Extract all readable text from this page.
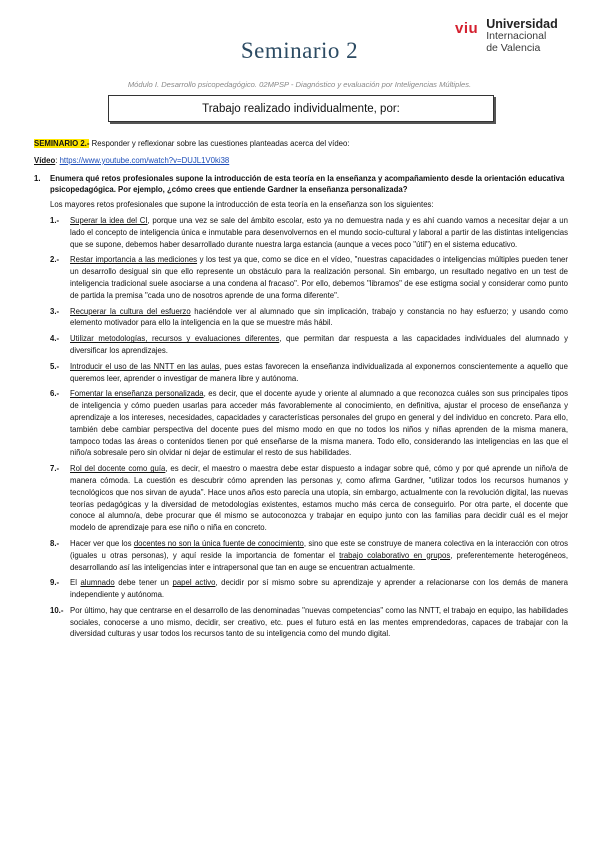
viu Universidad
Internacional
de Valencia
Seminario 2
Módulo I. Desarrollo psicopedagógico. 02MPSP - Diagnóstico y evaluación por Inteligencias Múltiples.
Trabajo realizado individualmente, por:

SEMINARIO 2.- Responder y reflexionar sobre las cuestiones planteadas acerca del vídeo:

Vídeo: https://www.youtube.com/watch?v=DUJL1V0ki38

1.	Enumera qué retos profesionales supone la introducción de esta teoría en la enseñanza y acompañamiento desde la orientación educativa psicopedagógica. Por ejemplo, ¿cómo crees que entiende Gardner la enseñanza personalizada?

Los mayores retos profesionales que supone la introducción de esta teoría en la enseñanza son los siguientes:

1.-	Superar la idea del CI, porque una vez se sale del ámbito escolar, esto ya no demuestra nada y es ahí cuando vamos a necesitar dejar a un lado el concepto de inteligencia única e inmutable para desenvolvernos en el mundo socio-cultural y laboral a partir de las distintas inteligencias que se supone, debemos haber desarrollado durante nuestra larga estancia (aunque a veces poco "útil") en el sistema educativo.
2.-	Restar importancia a las mediciones y los test ya que, como se dice en el vídeo, "nuestras capacidades o inteligencias múltiples pueden tener un desarrollo desigual sin que ello represente un obstáculo para la realización personal. Sin embargo, un resultado negativo en un test de inteligencia tradicional suele asociarse a una condena al fracaso". Por ello, debemos "libramos" de ese estigma social y considerar como punto de partida la premisa "cada uno de nosotros aprende de una forma diferente".
3.-	Recuperar la cultura del esfuerzo haciéndole ver al alumnado que sin implicación, trabajo y constancia no hay esfuerzo; y usando como elemento motivador para ello la inteligencia en la que se muestre más hábil.
4.-	Utilizar metodologías, recursos y evaluaciones diferentes, que permitan dar respuesta a las capacidades individuales del alumnado y diversificar los aprendizajes.
5.-	Introducir el uso de las NNTT en las aulas, pues estas favorecen la enseñanza individualizada al exponernos conscientemente a aquello que queremos leer, aprender o investigar de manera libre y autónoma.
6.-	Fomentar la enseñanza personalizada, es decir, que el docente ayude y oriente al alumnado a que reconozca cuáles son sus principales tipos de inteligencia y cómo pueden usarlas para acceder más favorablemente al conocimiento, en definitiva, ajustar el proceso de enseñanza y aprendizaje a los intereses, necesidades, capacidades y características personales del grupo en general y del individuo en concreto. Para ello, también debe cambiar perspectiva del docente pues del mismo modo en que no todos los niños y niñas aprenden de la misma manera, tampoco todas las áreas o contenidos tienen por qué enseñarse de la misma manera. Todo ello, considerando las inteligencias en las que el niño/a sobresale pero sin olvidar ni dejar de estimular el resto de sus habilidades.
7.-	Rol del docente como guía, es decir, el maestro o maestra debe estar dispuesto a indagar sobre qué, cómo y por qué aprende un niño/a de manera cómoda. La cuestión es descubrir cómo aprenden las personas y, como afirma Gardner, "utilizar todos los recursos humanos y tecnológicos que nos sirvan de ayuda". Hace unos años esto parecía una utopía, sin embargo, actualmente con la revolución digital, las nuevas teorías pedagógicas y la diversidad de metodologías existentes, estamos mucho más cerca de conseguirlo. Por otra parte, el docente que conoce al alumno/a, debe procurar que él mismo se autoconozca y trabajar en equipo junto con las familias para decidir cuál es el mejor modelo de aprendizaje para ese niño o niña en concreto.
8.-	Hacer ver que los docentes no son la única fuente de conocimiento, sino que este se construye de manera colectiva en la interacción con otros (iguales u otras personas), y aquí reside la importancia de fomentar el trabajo colaborativo en grupos, preferentemente heterogéneos, desarrollando así las inteligencias inter e intrapersonal que tan en auge se encuentran actualmente.
9.-	El alumnado debe tener un papel activo, decidir por sí mismo sobre su aprendizaje y aprender a relacionarse con los demás de manera independiente y autónoma.
10.- Por último, hay que centrarse en el desarrollo de las denominadas "nuevas competencias" como las NNTT, el trabajo en equipo, las habilidades sociales, conocerse a uno mismo, decidir, ser creativo, etc. pues el futuro está en las mentes emprendedoras, capaces de trabajar con la diversidad culturas y usar todos los recursos tanto de su inteligencia como del mundo digital.
